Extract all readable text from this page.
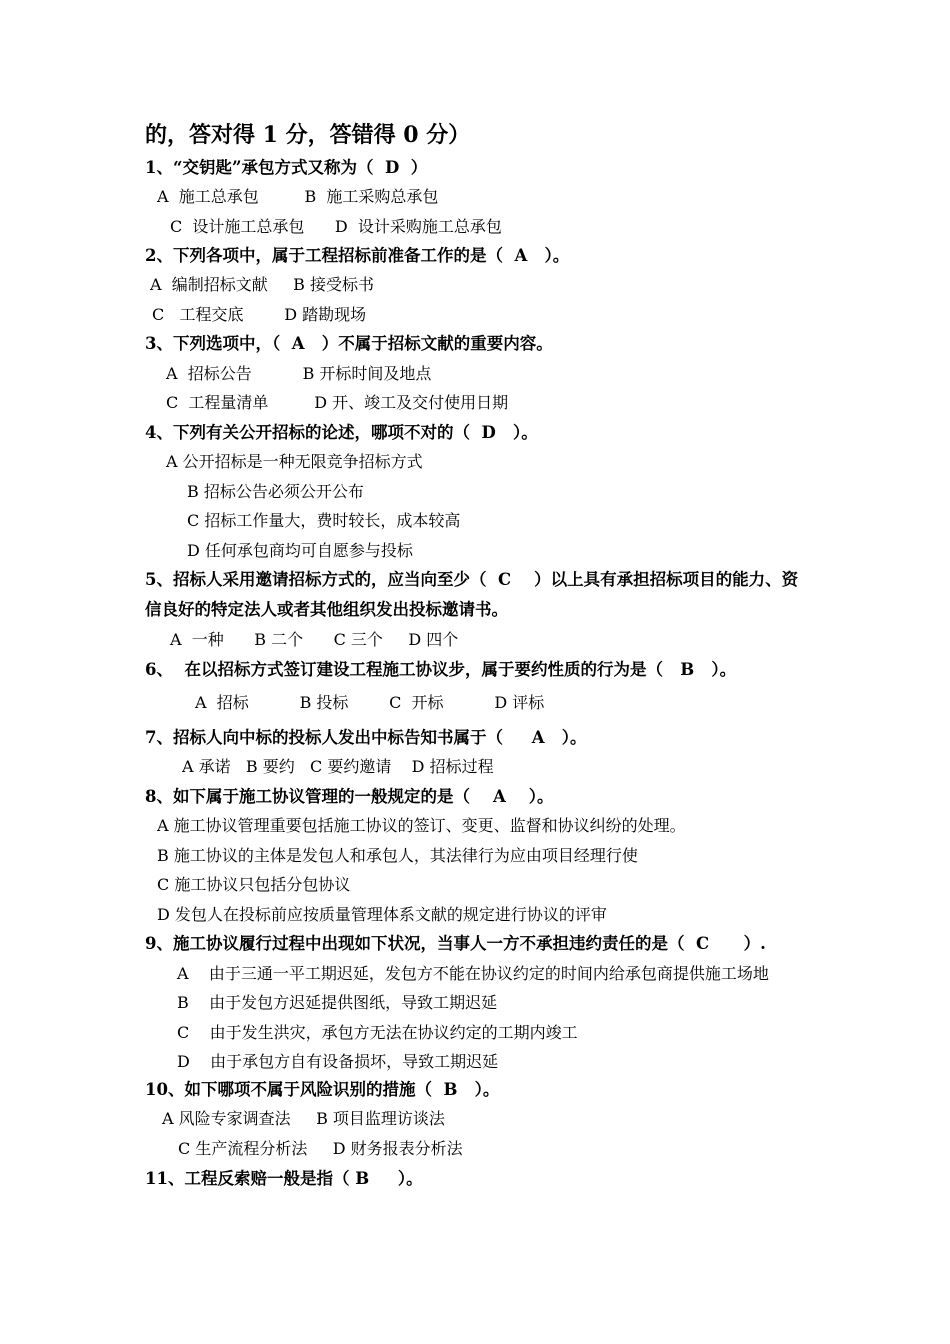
的，答对得 1 分，答错得 0 分）
1、“交钥匙”承包方式又称为（  D  ）
A  施工总承包         B  施工采购总承包
C  设计施工总承包      D  设计采购施工总承包
2、下列各项中，属于工程招标前准备工作的是（  A   ）。
A  编制招标文献     B 接受标书
C   工程交底        D 踏勘现场
3、下列选项中，（  A   ）不属于招标文献的重要内容。
A  招标公告          B 开标时间及地点
C  工程量清单         D 开、竣工及交付使用日期
4、下列有关公开招标的论述，哪项不对的（  D   ）。
A 公开招标是一种无限竞争招标方式
B 招标公告必须公开公布
C 招标工作量大，费时较长，成本较高
D 任何承包商均可自愿参与投标
5、招标人采用邀请招标方式的，应当向至少（  C    ）以上具有承担招标项目的能力、资
信良好的特定法人或者其他组织发出投标邀请书。
A  一种      B 二个      C 三个     D 四个
6、  在以招标方式签订建设工程施工协议步，属于要约性质的行为是（   B   ）。
A  招标          B 投标        C  开标          D 评标
7、招标人向中标的投标人发出中标告知书属于（     A   ）。
A 承诺   B 要约   C 要约邀请    D 招标过程
8、如下属于施工协议管理的一般规定的是（    A    ）。
A 施工协议管理重要包括施工协议的签订、变更、监督和协议纠纷的处理。
B 施工协议的主体是发包人和承包人，其法律行为应由项目经理行使
C 施工协议只包括分包协议
D 发包人在投标前应按质量管理体系文献的规定进行协议的评审
9、施工协议履行过程中出现如下状况，当事人一方不承担违约责任的是（  C      ）.
A    由于三通一平工期迟延，发包方不能在协议约定的时间内给承包商提供施工场地
B    由于发包方迟延提供图纸，导致工期迟延
C    由于发生洪灾，承包方无法在协议约定的工期内竣工
D    由于承包方自有设备损坏，导致工期迟延
10、如下哪项不属于风险识别的措施（  B   ）。
A 风险专家调查法     B 项目监理访谈法
C 生产流程分析法     D 财务报表分析法
11、工程反索赔一般是指（ B     ）。
